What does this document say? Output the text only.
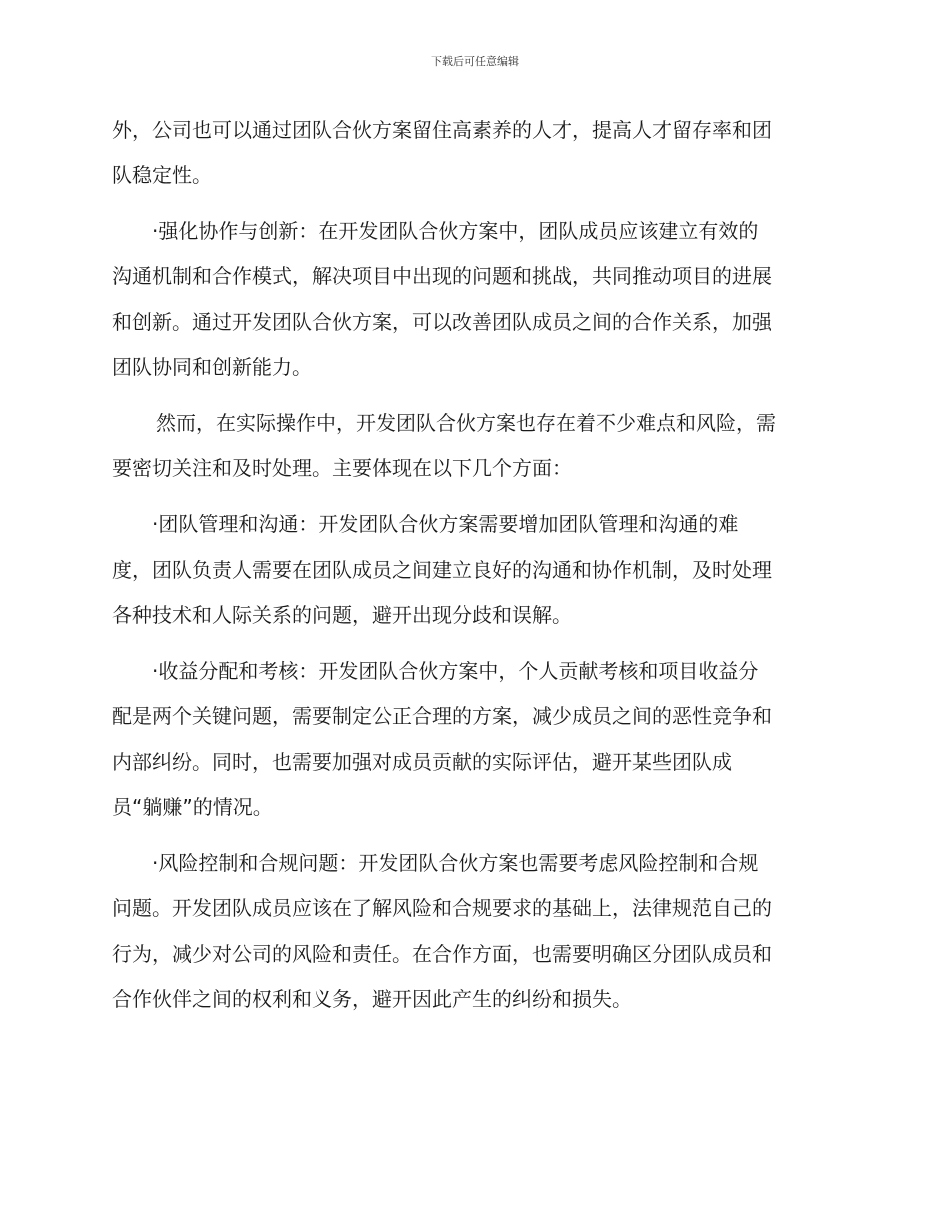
下载后可任意编辑
外，公司也可以通过团队合伙方案留住高素养的人才，提高人才留存率和团
队稳定性。
·强化协作与创新：在开发团队合伙方案中，团队成员应该建立有效的
沟通机制和合作模式，解决项目中出现的问题和挑战，共同推动项目的进展
和创新。通过开发团队合伙方案，可以改善团队成员之间的合作关系，加强
团队协同和创新能力。
然而，在实际操作中，开发团队合伙方案也存在着不少难点和风险，需
要密切关注和及时处理。主要体现在以下几个方面：
·团队管理和沟通：开发团队合伙方案需要增加团队管理和沟通的难
度，团队负责人需要在团队成员之间建立良好的沟通和协作机制，及时处理
各种技术和人际关系的问题，避开出现分歧和误解。
·收益分配和考核：开发团队合伙方案中，个人贡献考核和项目收益分
配是两个关键问题，需要制定公正合理的方案，减少成员之间的恶性竞争和
内部纠纷。同时，也需要加强对成员贡献的实际评估，避开某些团队成
员“躺赚”的情况。
·风险控制和合规问题：开发团队合伙方案也需要考虑风险控制和合规
问题。开发团队成员应该在了解风险和合规要求的基础上，法律规范自己的
行为，减少对公司的风险和责任。在合作方面，也需要明确区分团队成员和
合作伙伴之间的权利和义务，避开因此产生的纠纷和损失。
